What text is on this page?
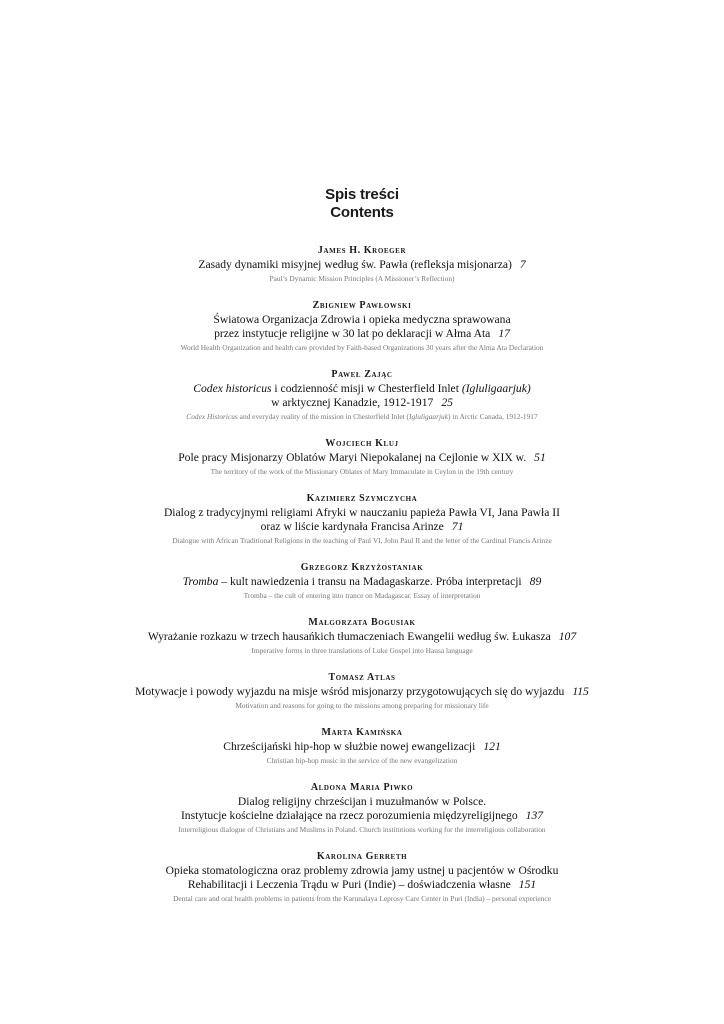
Spis treści
Contents
James H. Kroeger
Zasady dynamiki misyjnej według św. Pawła (refleksja misjonarza) 7
Paul’s Dynamic Mission Principles (A Missioner’s Reflection)
Zbigniew Pawłowski
Światowa Organizacja Zdrowia i opieka medyczna sprawowana
przez instytucje religijne w 30 lat po deklaracji w Ałma Ata 17
World Health Organization and health care provided by Faith-based Organizations 30 years after the Alma Ata Declaration
Paweł Zając
Codex historicus i codzienność misji w Chesterfield Inlet (Igluligaarjuk)
w arktycznej Kanadzie, 1912-1917 25
Codex Historicus and everyday reality of the mission in Chesterfield Inlet (Igluligaarjuk) in Arctic Canada, 1912-1917
Wojciech Kluj
Pole pracy Misjonarzy Oblatów Maryi Niepokalanej na Cejlonie w XIX w. 51
The territory of the work of the Missionary Oblates of Mary Immaculate in Ceylon in the 19th century
Kazimierz Szymczycha
Dialog z tradycyjnymi religiami Afryki w nauczaniu papieża Pawła VI, Jana Pawła II
oraz w liście kardynała Francisa Arinze 71
Dialogue with African Traditional Religions in the teaching of Paul VI, John Paul II and the letter of the Cardinal Francis Arinze
Grzegorz Krzyżostaniak
Tromba – kult nawiedzenia i transu na Madagaskarze. Próba interpretacji 89
Tromba – the cult of entering into trance on Madagascar. Essay of interpretation
Małgorzata Bogusiak
Wyrażanie rozkazu w trzech hausańkich tłumaczeniach Ewangelii według św. Łukasza 107
Imperative forms in three translations of Luke Gospel into Hausa language
Tomasz Atlas
Motywacje i powody wyjazdu na misje wśród misjonarzy przygotowujących się do wyjazdu 115
Motivation and reasons for going to the missions among preparing for missionary life
Marta Kamińska
Chrześcijański hip-hop w służbie nowej ewangelizacji 121
Christian hip-hop music in the service of the new evangelization
Aldona Maria Piwko
Dialog religijny chrześcijan i muzułmanów w Polsce.
Instytucje kościelne działające na rzecz porozumienia międzyreligijnego 137
Interreligious dialogue of Christians and Muslims in Poland. Church institutions working for the interreligious collaboration
Karolina Gerreth
Opieka stomatologiczna oraz problemy zdrowia jamy ustnej u pacjentów w Ośrodku
Rehabilitacji i Leczenia Trądu w Puri (Indie) – doświadczenia własne 151
Dental care and oral health problems in patients from the Karunalaya Leprosy Care Center in Puri (India) – personal experience
